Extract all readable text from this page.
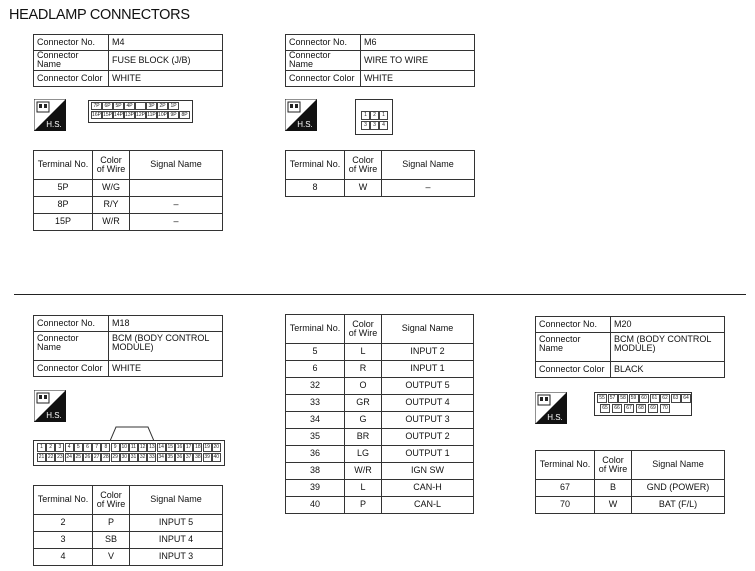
HEADLAMP CONNECTORS
Connector No.	M4
Connector Name	FUSE BLOCK (J/B)
Connector Color	WHITE
H.S.
7P 6P 5P 4P	3P 2P 1P
16P 15P 14P 13P 12P 11P 10P 9P 8P
Terminal No.	Color of Wire	Signal Name
5P	W/G	
8P	R/Y	–
15P	W/R	–
Connector No.	M6
Connector Name	WIRE TO WIRE
Connector Color	WHITE
H.S.
1	2	1
3	3	4
Terminal No.	Color of Wire	Signal Name
8	W	–
Connector No.	M18
Connector Name	BCM (BODY CONTROL MODULE)
Connector Color	WHITE
H.S.
1	2	3	4	5	6	7	8	9	10 11 12 13 14 15 16 17 18 19 20
21 22 23 24 25 26 27 28 29 30 31 32 33 34 35 36 37 38 39 40
Terminal No.	Color of Wire	Signal Name
2	P	INPUT 5
3	SB	INPUT 4
4	V	INPUT 3
Terminal No.	Color of Wire	Signal Name
5	L	INPUT 2
6	R	INPUT 1
32	O	OUTPUT 5
33	GR	OUTPUT 4
34	G	OUTPUT 3
35	BR	OUTPUT 2
36	LG	OUTPUT 1
38	W/R	IGN SW
39	L	CAN-H
40	P	CAN-L
Connector No.	M20
Connector Name	BCM (BODY CONTROL MODULE)
Connector Color	BLACK
H.S.
55 57 58 59 60 61 62 63 64
65	66	67	68	69	70
Terminal No.	Color of Wire	Signal Name
67	B	GND (POWER)
70	W	BAT (F/L)
